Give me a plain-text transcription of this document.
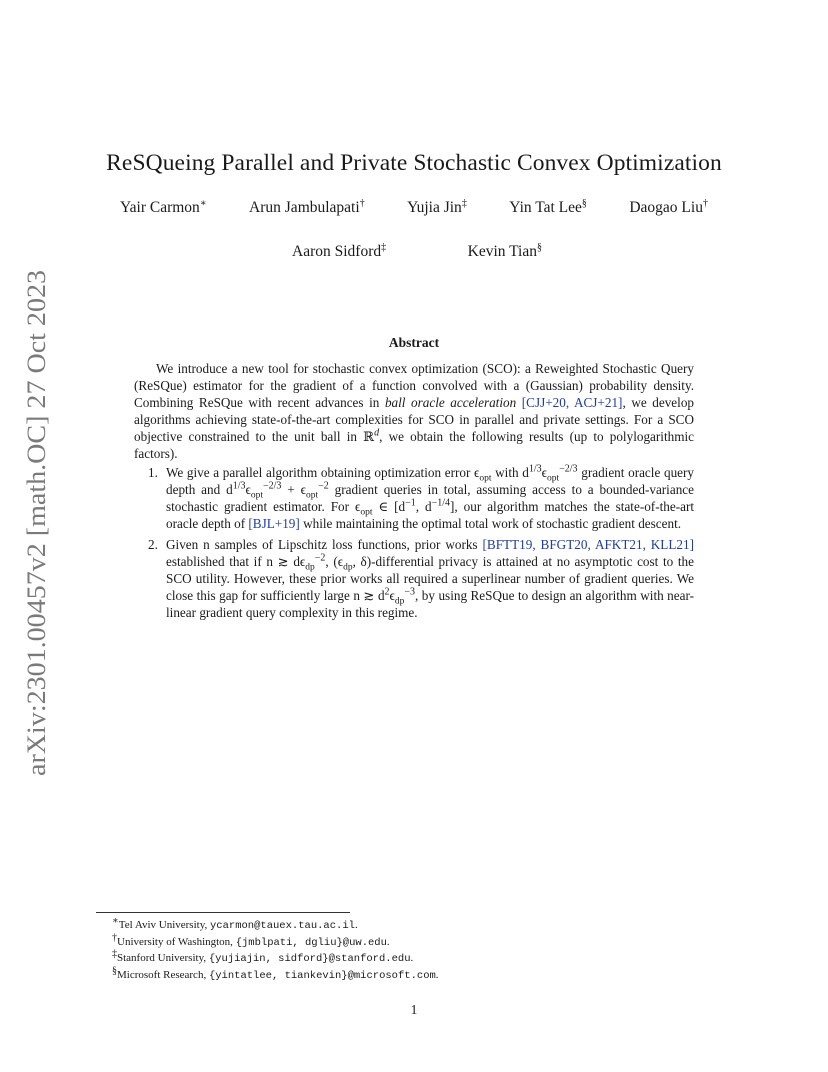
arXiv:2301.00457v2 [math.OC] 27 Oct 2023
ReSQueing Parallel and Private Stochastic Convex Optimization
Yair Carmon∗	Arun Jambulapati†	Yujia Jin‡	Yin Tat Lee§	Daogao Liu†
Aaron Sidford‡	Kevin Tian§
Abstract

We introduce a new tool for stochastic convex optimization (SCO): a Reweighted Stochastic Query (ReSQue) estimator for the gradient of a function convolved with a (Gaussian) probability density. Combining ReSQue with recent advances in ball oracle acceleration [CJJ+20, ACJ+21], we develop algorithms achieving state-of-the-art complexities for SCO in parallel and private settings. For a SCO objective constrained to the unit ball in ℝ$^d$, we obtain the following results (up to polylogarithmic factors).

1. We give a parallel algorithm obtaining optimization error $\epsilon_{opt}$ with $d^{1/3}\epsilon_{opt}^{-2/3}$ gradient oracle query depth and $d^{1/3}\epsilon_{opt}^{-2/3} + \epsilon_{opt}^{-2}$ gradient queries in total, assuming access to a bounded-variance stochastic gradient estimator. For $\epsilon_{opt}$ ∈ [$d^{-1}$, $d^{-1/4}$], our algorithm matches the state-of-the-art oracle depth of [BJL+19] while maintaining the optimal total work of stochastic gradient descent.
2. Given n samples of Lipschitz loss functions, prior works [BFTT19, BFGT20, AFKT21, KLL21] established that if n ≳ $d\epsilon_{dp}^{-2}$, ($\epsilon_{dp}$, δ)-differential privacy is attained at no asymptotic cost to the SCO utility. However, these prior works all required a superlinear number of gradient queries. We close this gap for sufficiently large n ≳ $d^2\epsilon_{dp}^{-3}$, by using ReSQue to design an algorithm with near-linear gradient query complexity in this regime.
∗Tel Aviv University, ycarmon@tauex.tau.ac.il.
†University of Washington, {jmblpati, dgliu}@uw.edu.
‡Stanford University, {yujiajin, sidford}@stanford.edu.
§Microsoft Research, {yintatlee, tiankevin}@microsoft.com.
1
